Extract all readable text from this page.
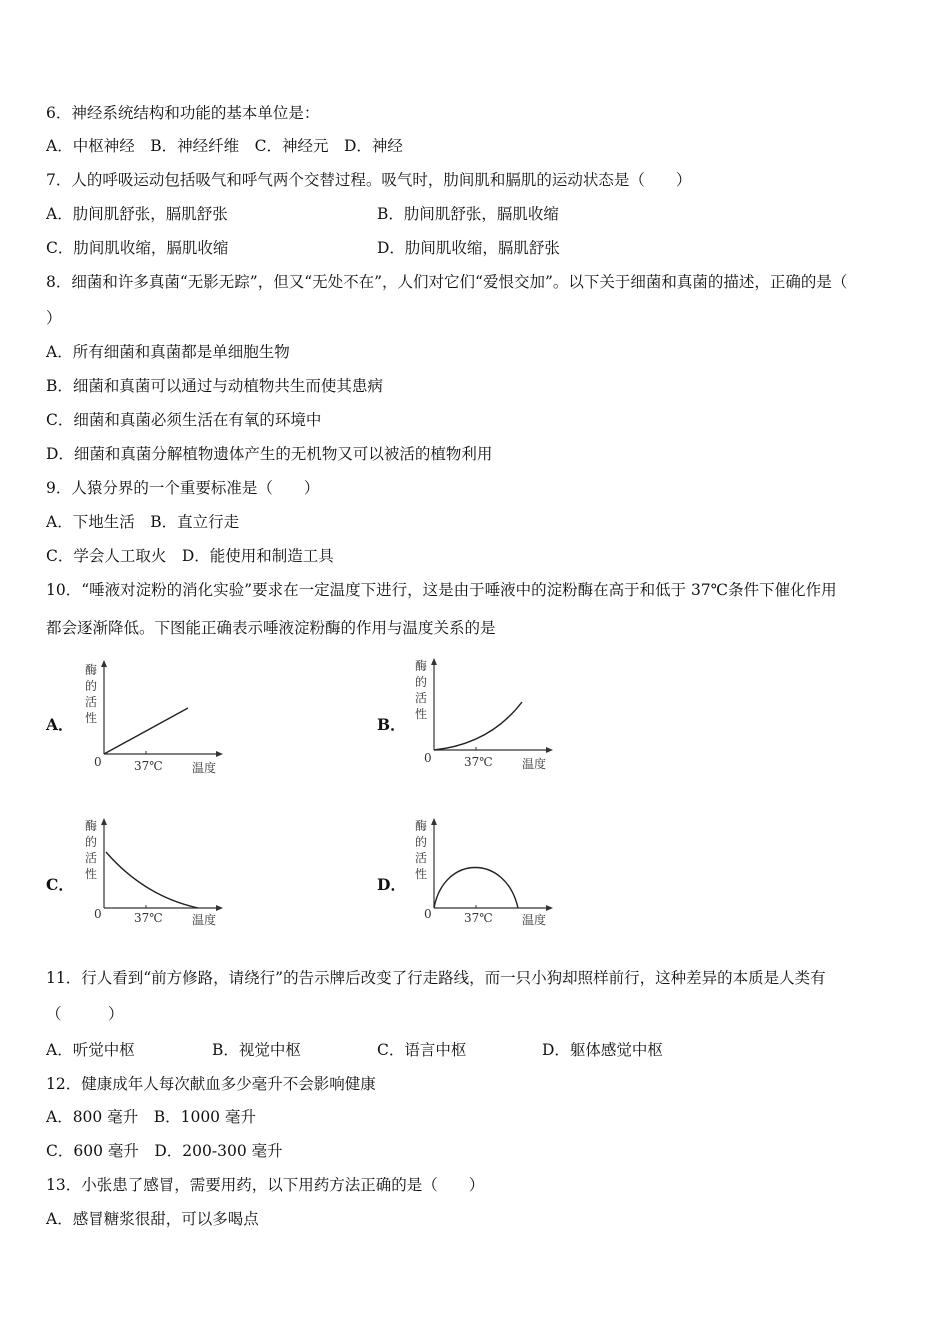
6．神经系统结构和功能的基本单位是：
A．中枢神经　B．神经纤维　C．神经元　D．神经
7．人的呼吸运动包括吸气和呼气两个交替过程。吸气时，肋间肌和膈肌的运动状态是（　　）
A．肋间肌舒张，膈肌舒张	B．肋间肌舒张，膈肌收缩
C．肋间肌收缩，膈肌收缩	D．肋间肌收缩，膈肌舒张
8．细菌和许多真菌“无影无踪”，但又“无处不在”，人们对它们“爱恨交加”。以下关于细菌和真菌的描述，正确的是（
）
A．所有细菌和真菌都是单细胞生物
B．细菌和真菌可以通过与动植物共生而使其患病
C．细菌和真菌必须生活在有氧的环境中
D．细菌和真菌分解植物遗体产生的无机物又可以被活的植物利用
9．人猿分界的一个重要标准是（　　）
A．下地生活　B．直立行走
C．学会人工取火　D．能使用和制造工具
10．“唾液对淀粉的消化实验”要求在一定温度下进行，这是由于唾液中的淀粉酶在高于和低于 37℃条件下催化作用
都会逐渐降低。下图能正确表示唾液淀粉酶的作用与温度关系的是
A．
酶
的
活
性
0	37℃ 温度
B．
酶
的
活
性
0	37℃ 温度
C．
酶
的
活
性
0	37℃ 温度
D．
酶
的
活
性
0	37℃ 温度
11．行人看到“前方修路，请绕行”的告示牌后改变了行走路线，而一只小狗却照样前行，这种差异的本质是人类有
（　　　）
A．听觉中枢	B．视觉中枢	C．语言中枢	D．躯体感觉中枢
12．健康成年人每次献血多少毫升不会影响健康
A．800 毫升　B．1000 毫升
C．600 毫升　D．200-300 毫升
13．小张患了感冒，需要用药，以下用药方法正确的是（　　）
A．感冒糖浆很甜，可以多喝点
